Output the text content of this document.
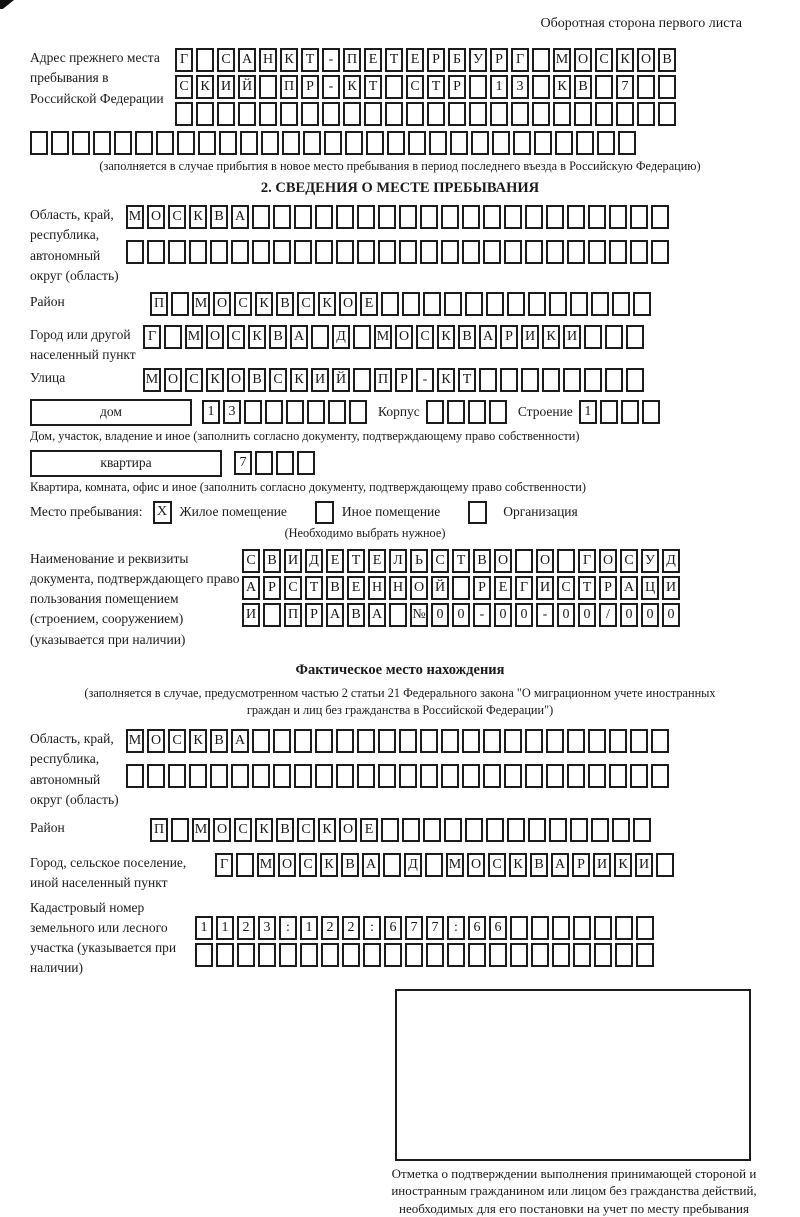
Оборотная сторона первого листа
Адрес прежнего места пребывания в Российской Федерации
Г	С А Н К Т	- П Е Т Е Р Б У Р Г	М О С К О В
С К И Й П Р	-	К Т	С Т Р	1	3	К В	7
(заполняется в случае прибытия в новое место пребывания в период последнего въезда в Российскую Федерацию)
2. СВЕДЕНИЯ О МЕСТЕ ПРЕБЫВАНИЯ
Область, край, республика, автономный округ (область)
М О С К В А
Район	П М О С К В С К О Е
Город или другой населенный пункт
Г	М О С К В А	Д	М О С К В А Р И К И
Улица	М О С К О В С К И Й П Р	-	К Т
дом	1	3	Корпус	Строение 1
Дом, участок, владение и иное (заполнить согласно документу, подтверждающему право собственности)
квартира	7
Квартира, комната, офис и иное (заполнить согласно документу, подтверждающему право собственности)
Место пребывания:	X Жилое помещение	Иное помещение	Организация
(Необходимо выбрать нужное)
Наименование и реквизиты документа, подтверждающего право пользования помещением (строением, сооружением) (указывается при наличии)
С В И Д Е Т Е Л Ь С Т В О О	Г О С У Д
А Р С Т В Е Н Н О Й	Р Е Г И С Т Р А Ц И
И П Р А В А № 0	0	-	0	0	-	0	0	/	0	0	0
Фактическое место нахождения
(заполняется в случае, предусмотренном частью 2 статьи 21 Федерального закона "О миграционном учете иностранных граждан и лиц без гражданства в Российской Федерации")
Область, край, республика, автономный округ (область)
М О С К В А
Район	П М О С К В С К О Е
Город, сельское поселение, иной населенный пункт
Г	М О С К В А	Д	М О С К В А Р И К И
Кадастровый номер земельного или лесного участка (указывается при наличии)
1	1	2	3	:	1	2	2	:	6	7	7	:	6	6
Отметка о подтверждении выполнения принимающей стороной и иностранным гражданином или лицом без гражданства действий, необходимых для его постановки на учет по месту пребывания
